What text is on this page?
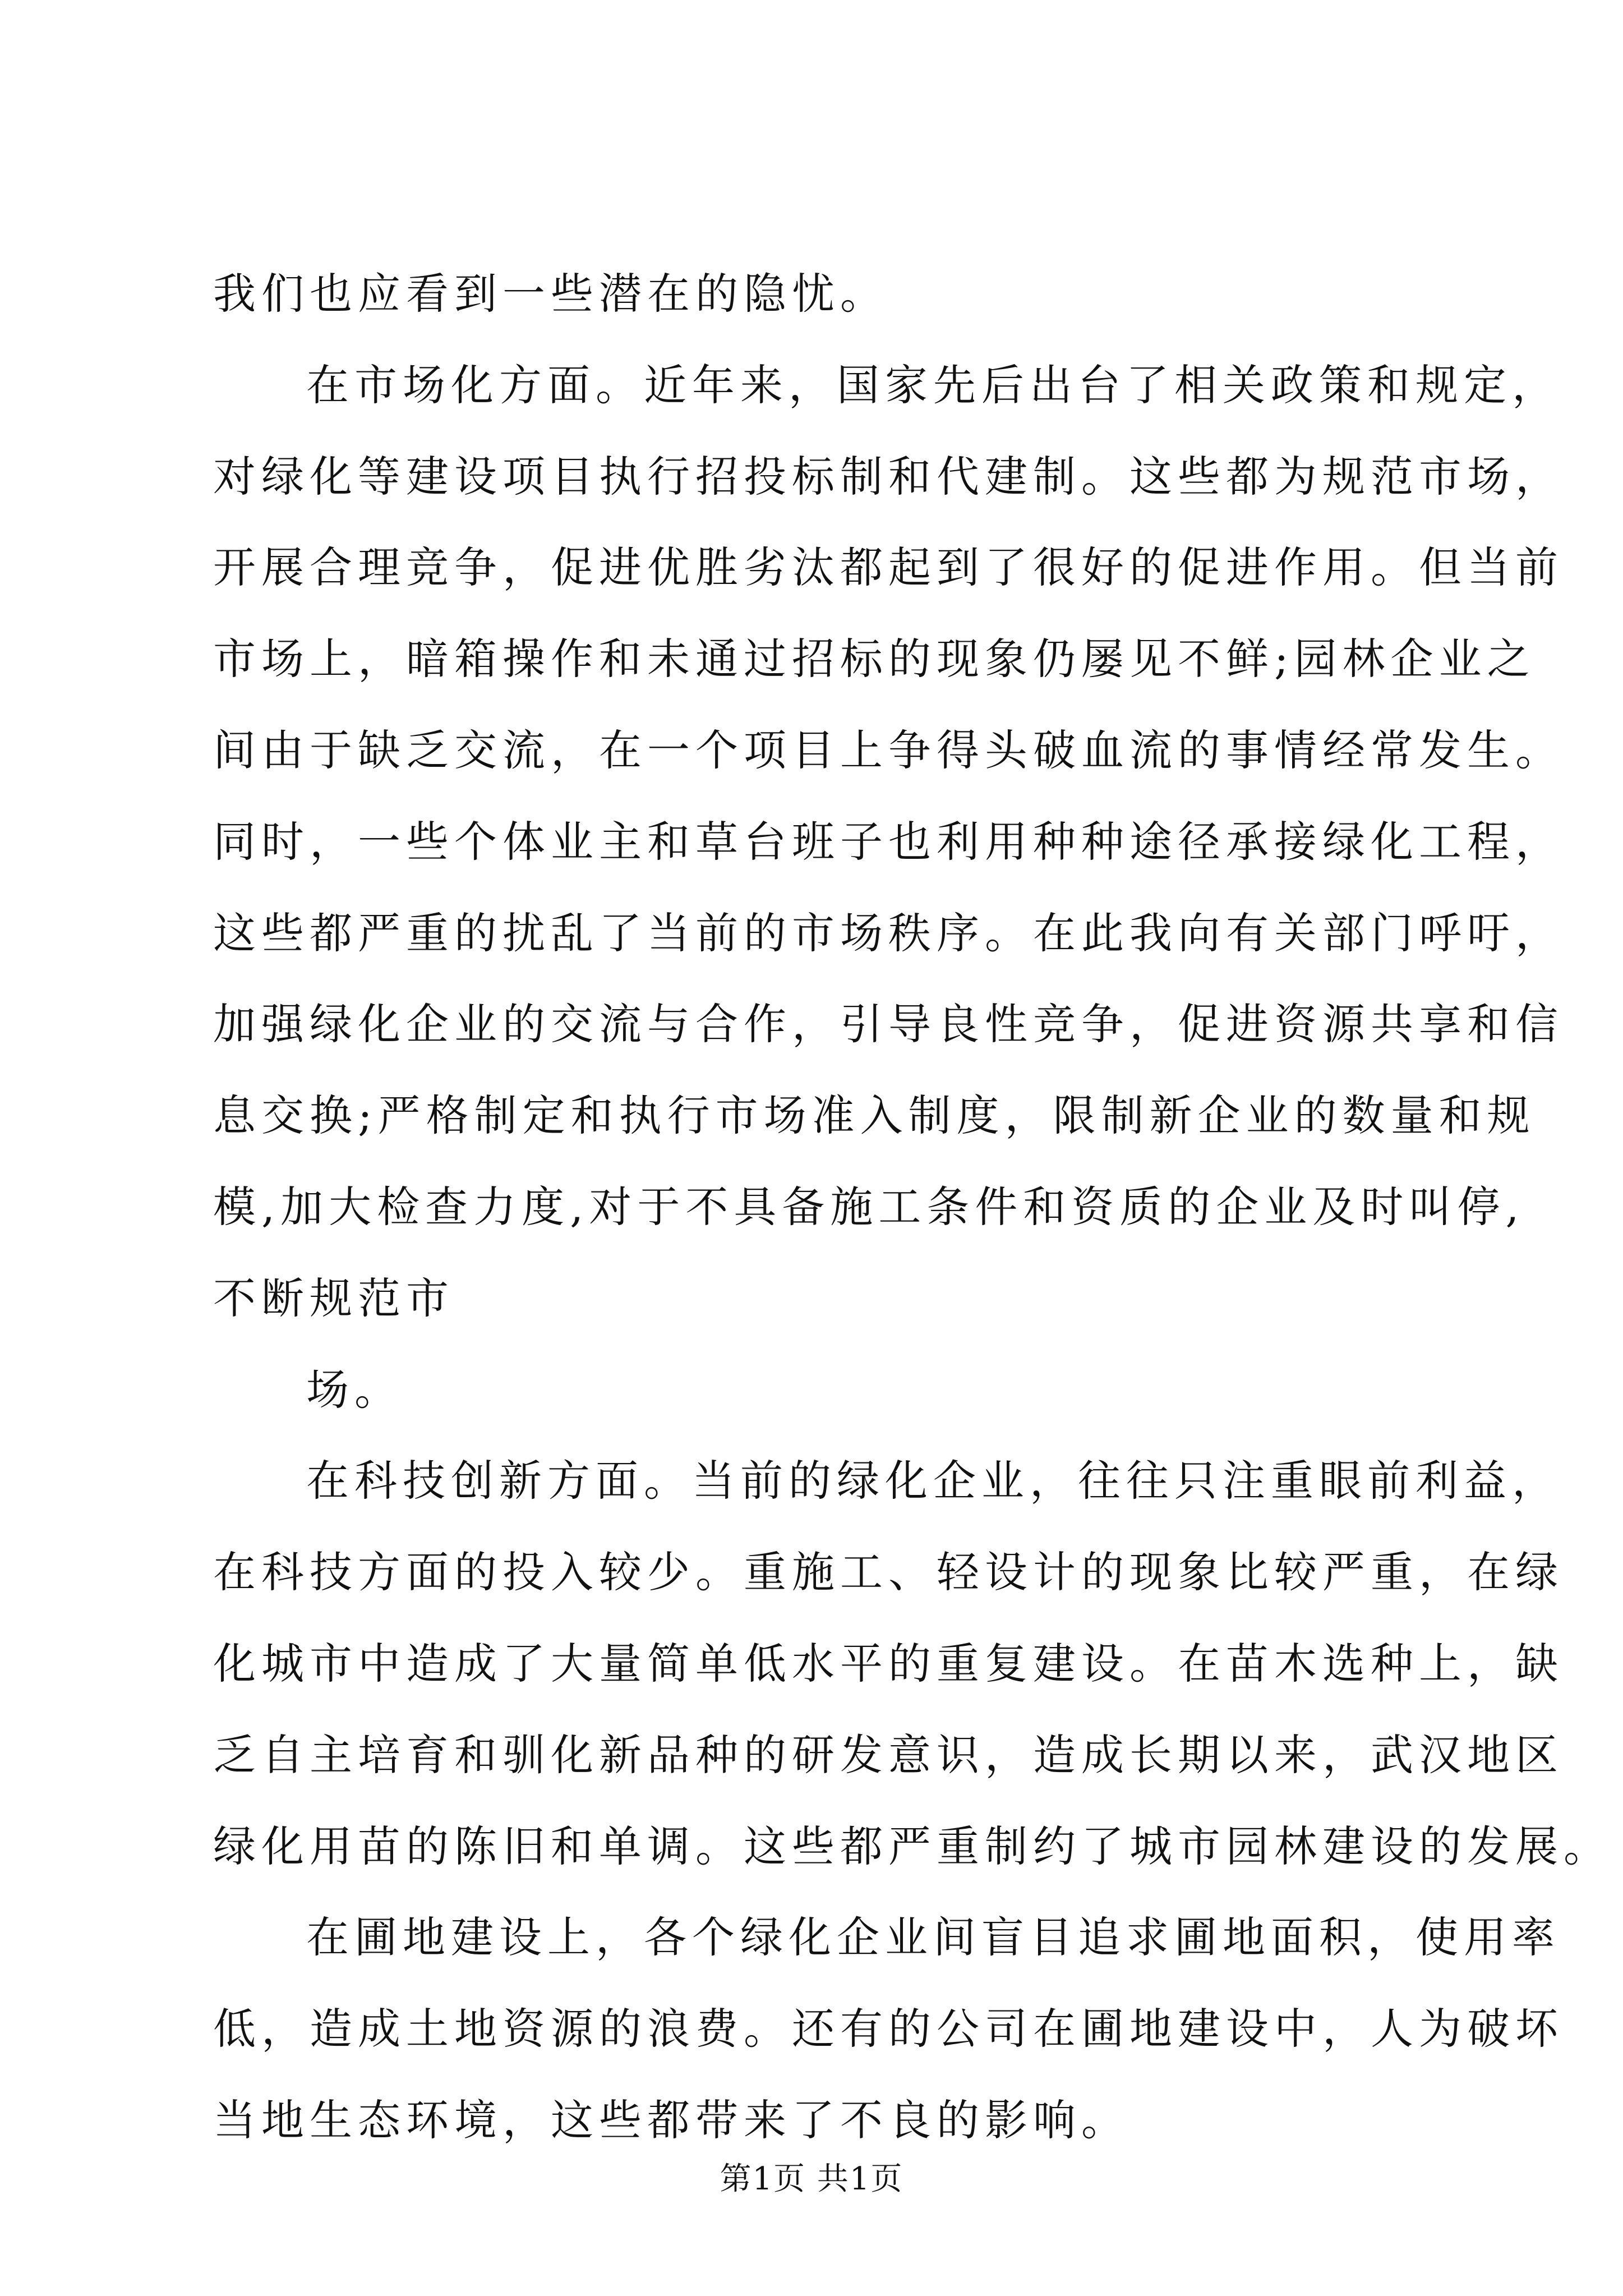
我们也应看到一些潜在的隐忧。
在市场化方面。近年来，国家先后出台了相关政策和规定，
对绿化等建设项目执行招投标制和代建制。这些都为规范市场，
开展合理竞争，促进优胜劣汰都起到了很好的促进作用。但当前
市场上，暗箱操作和未通过招标的现象仍屡见不鲜;园林企业之
间由于缺乏交流，在一个项目上争得头破血流的事情经常发生。
同时，一些个体业主和草台班子也利用种种途径承接绿化工程，
这些都严重的扰乱了当前的市场秩序。在此我向有关部门呼吁，
加强绿化企业的交流与合作，引导良性竞争，促进资源共享和信
息交换;严格制定和执行市场准入制度，限制新企业的数量和规
模,加大检查力度,对于不具备施工条件和资质的企业及时叫停,
不断规范市
场。
在科技创新方面。当前的绿化企业，往往只注重眼前利益，
在科技方面的投入较少。重施工、轻设计的现象比较严重，在绿
化城市中造成了大量简单低水平的重复建设。在苗木选种上，缺
乏自主培育和驯化新品种的研发意识，造成长期以来，武汉地区
绿化用苗的陈旧和单调。这些都严重制约了城市园林建设的发展。
在圃地建设上，各个绿化企业间盲目追求圃地面积，使用率
低，造成土地资源的浪费。还有的公司在圃地建设中，人为破坏
当地生态环境，这些都带来了不良的影响。
第1页 共1页
